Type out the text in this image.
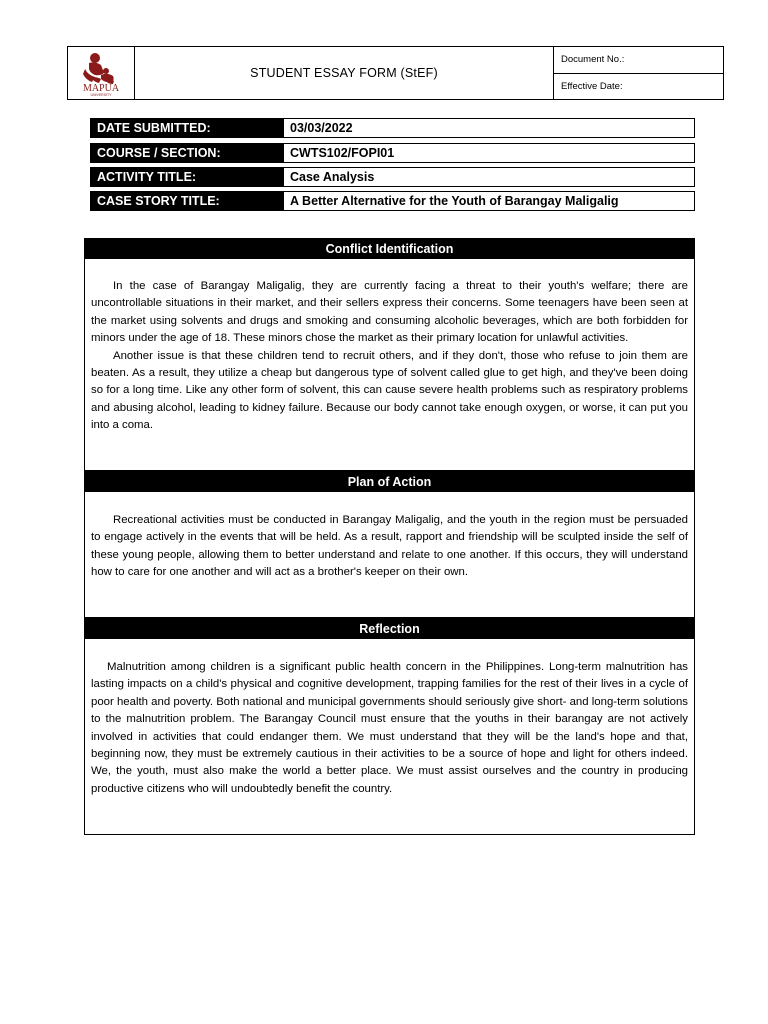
MAPÚA
UNIVERSITY
STUDENT ESSAY FORM (StEF)
Document No.:
Effective Date:
DATE SUBMITTED:	03/03/2022
COURSE / SECTION:	CWTS102/FOPI01
ACTIVITY TITLE:	Case Analysis
CASE STORY TITLE:	A Better Alternative for the Youth of Barangay Maligalig
Conflict Identification

In the case of Barangay Maligalig, they are currently facing a threat to their youth's welfare; there are uncontrollable situations in their market, and their sellers express their concerns. Some teenagers have been seen at the market using solvents and drugs and smoking and consuming alcoholic beverages, which are both forbidden for minors under the age of 18. These minors chose the market as their primary location for unlawful activities.

Another issue is that these children tend to recruit others, and if they don't, those who refuse to join them are beaten. As a result, they utilize a cheap but dangerous type of solvent called glue to get high, and they've been doing so for a long time. Like any other form of solvent, this can cause severe health problems such as respiratory problems and abusing alcohol, leading to kidney failure. Because our body cannot take enough oxygen, or worse, it can put you into a coma.

Plan of Action

Recreational activities must be conducted in Barangay Maligalig, and the youth in the region must be persuaded to engage actively in the events that will be held. As a result, rapport and friendship will be sculpted inside the self of these young people, allowing them to better understand and relate to one another. If this occurs, they will understand how to care for one another and will act as a brother's keeper on their own.

Reflection

Malnutrition among children is a significant public health concern in the Philippines. Long-term malnutrition has lasting impacts on a child's physical and cognitive development, trapping families for the rest of their lives in a cycle of poor health and poverty. Both national and municipal governments should seriously give short- and long-term solutions to the malnutrition problem. The Barangay Council must ensure that the youths in their barangay are not actively involved in activities that could endanger them. We must understand that they will be the land's hope and that, beginning now, they must be extremely cautious in their activities to be a source of hope and light for others indeed. We, the youth, must also make the world a better place. We must assist ourselves and the country in producing productive citizens who will undoubtedly benefit the country.
